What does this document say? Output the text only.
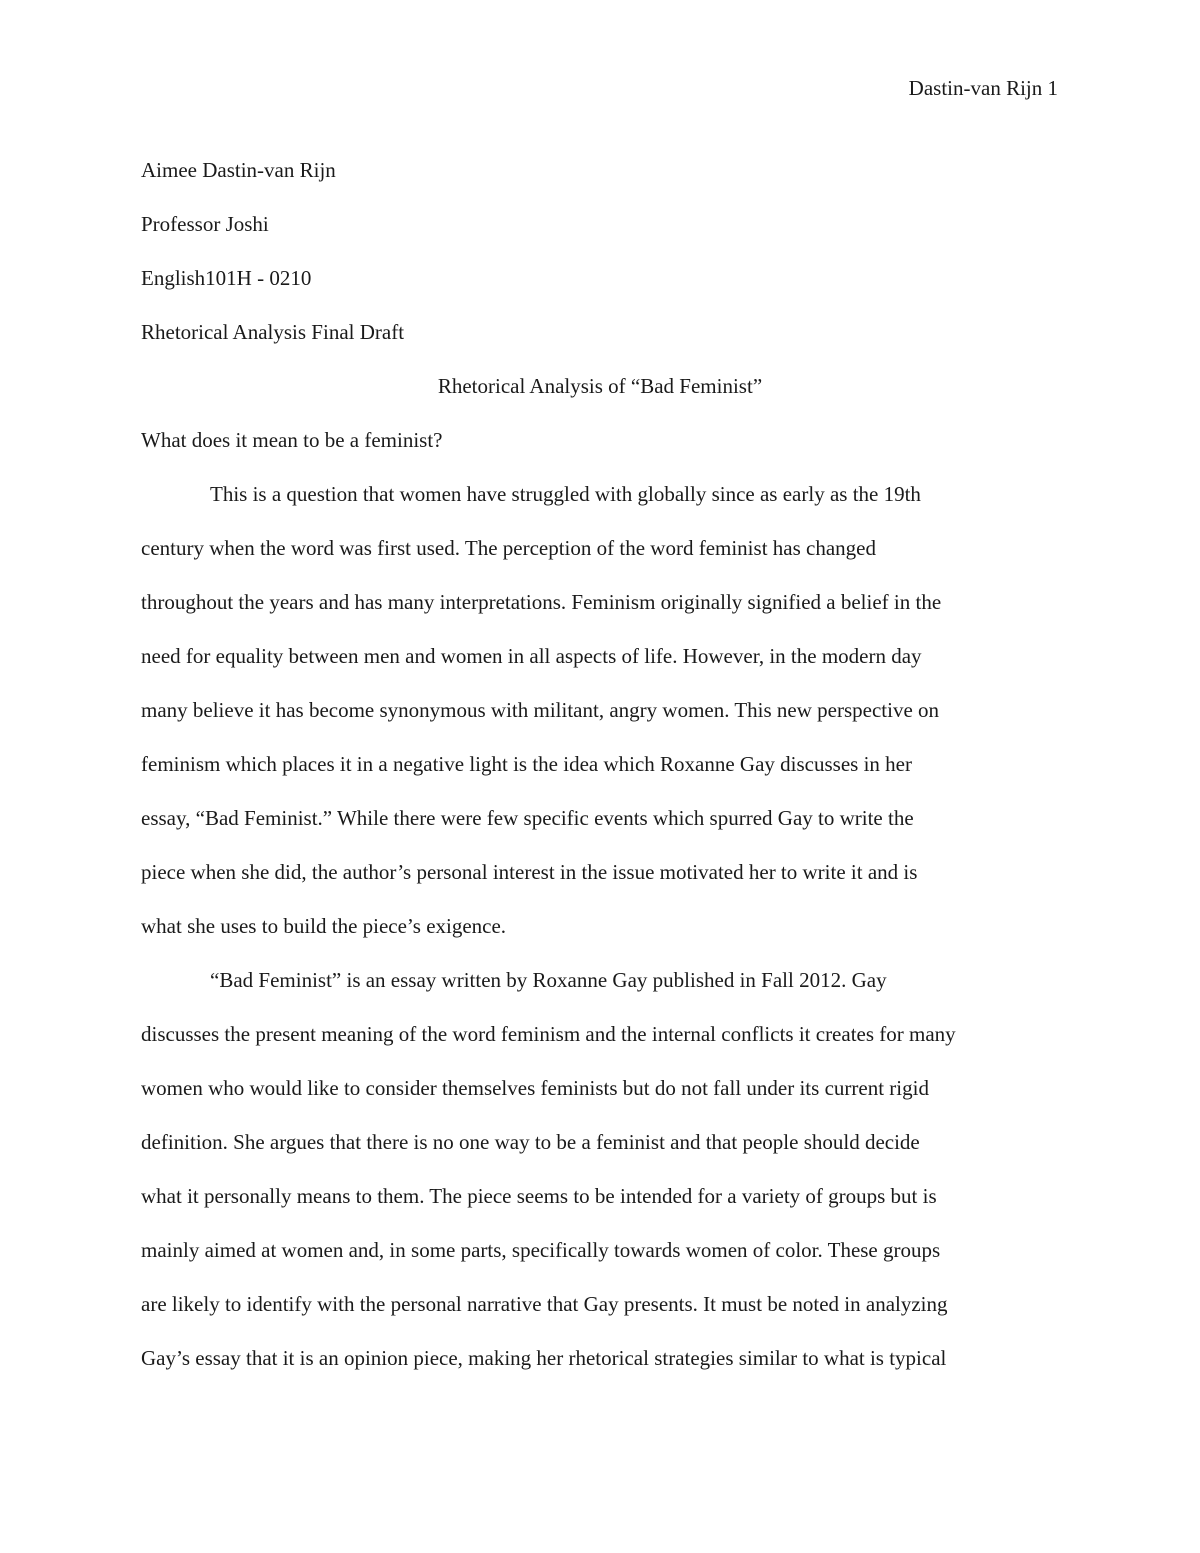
Dastin-van Rijn 1
Aimee Dastin-van Rijn
Professor Joshi
English101H - 0210
Rhetorical Analysis Final Draft
Rhetorical Analysis of “Bad Feminist”
What does it mean to be a feminist?
This is a question that women have struggled with globally since as early as the 19th
century when the word was first used. The perception of the word feminist has changed
throughout the years and has many interpretations. Feminism originally signified a belief in the
need for equality between men and women in all aspects of life. However, in the modern day
many believe it has become synonymous with militant, angry women. This new perspective on
feminism which places it in a negative light is the idea which Roxanne Gay discusses in her
essay, “Bad Feminist.” While there were few specific events which spurred Gay to write the
piece when she did, the author’s personal interest in the issue motivated her to write it and is
what she uses to build the piece’s exigence.
“Bad Feminist” is an essay written by Roxanne Gay published in Fall 2012. Gay
discusses the present meaning of the word feminism and the internal conflicts it creates for many
women who would like to consider themselves feminists but do not fall under its current rigid
definition. She argues that there is no one way to be a feminist and that people should decide
what it personally means to them. The piece seems to be intended for a variety of groups but is
mainly aimed at women and, in some parts, specifically towards women of color. These groups
are likely to identify with the personal narrative that Gay presents. It must be noted in analyzing
Gay’s essay that it is an opinion piece, making her rhetorical strategies similar to what is typical
